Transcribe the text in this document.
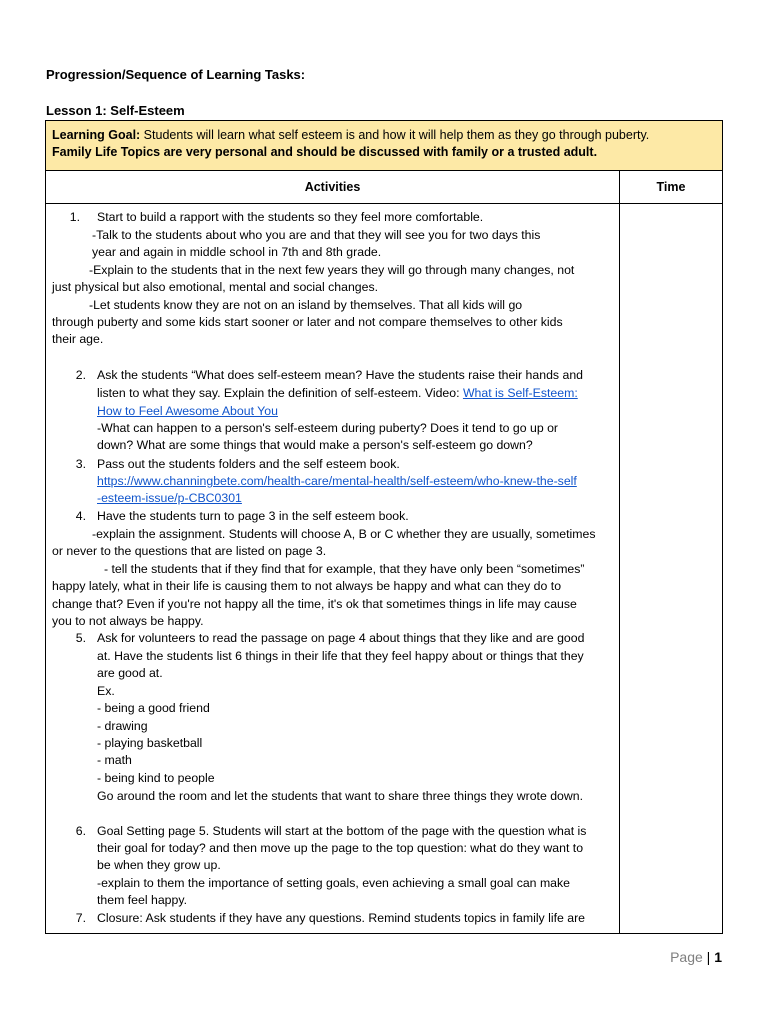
Progression/Sequence of Learning Tasks:
Lesson 1: Self-Esteem
Learning Goal: Students will learn what self esteem is and how it will help them as they go through puberty.
Family Life Topics are very personal and should be discussed with family or a trusted adult.
Activities	Time
1. Start to build a rapport with the students so they feel more comfortable.
-Talk to the students about who you are and that they will see you for two days this
year and again in middle school in 7th and 8th grade.
-Explain to the students that in the next few years they will go through many changes, not
just physical but also emotional, mental and social changes.
-Let students know they are not on an island by themselves. That all kids will go
through puberty and some kids start sooner or later and not compare themselves to other kids
their age.
2. Ask the students “What does self-esteem mean? Have the students raise their hands and
listen to what they say. Explain the definition of self-esteem. Video: What is Self-Esteem:
How to Feel Awesome About You
-What can happen to a person's self-esteem during puberty? Does it tend to go up or
down? What are some things that would make a person's self-esteem go down?
3. Pass out the students folders and the self esteem book.
https://www.channingbete.com/health-care/mental-health/self-esteem/who-knew-the-self
-esteem-issue/p-CBC0301
4. Have the students turn to page 3 in the self esteem book.
-explain the assignment. Students will choose A, B or C whether they are usually, sometimes
or never to the questions that are listed on page 3.
- tell the students that if they find that for example, that they have only been “sometimes”
happy lately, what in their life is causing them to not always be happy and what can they do to
change that? Even if you're not happy all the time, it's ok that sometimes things in life may cause
you to not always be happy.
5. Ask for volunteers to read the passage on page 4 about things that they like and are good
at. Have the students list 6 things in their life that they feel happy about or things that they
are good at.
Ex.
- being a good friend
- drawing
- playing basketball
- math
- being kind to people
Go around the room and let the students that want to share three things they wrote down.
6. Goal Setting page 5. Students will start at the bottom of the page with the question what is
their goal for today? and then move up the page to the top question: what do they want to
be when they grow up.
-explain to them the importance of setting goals, even achieving a small goal can make
them feel happy.
7. Closure: Ask students if they have any questions. Remind students topics in family life are
Page | 1
